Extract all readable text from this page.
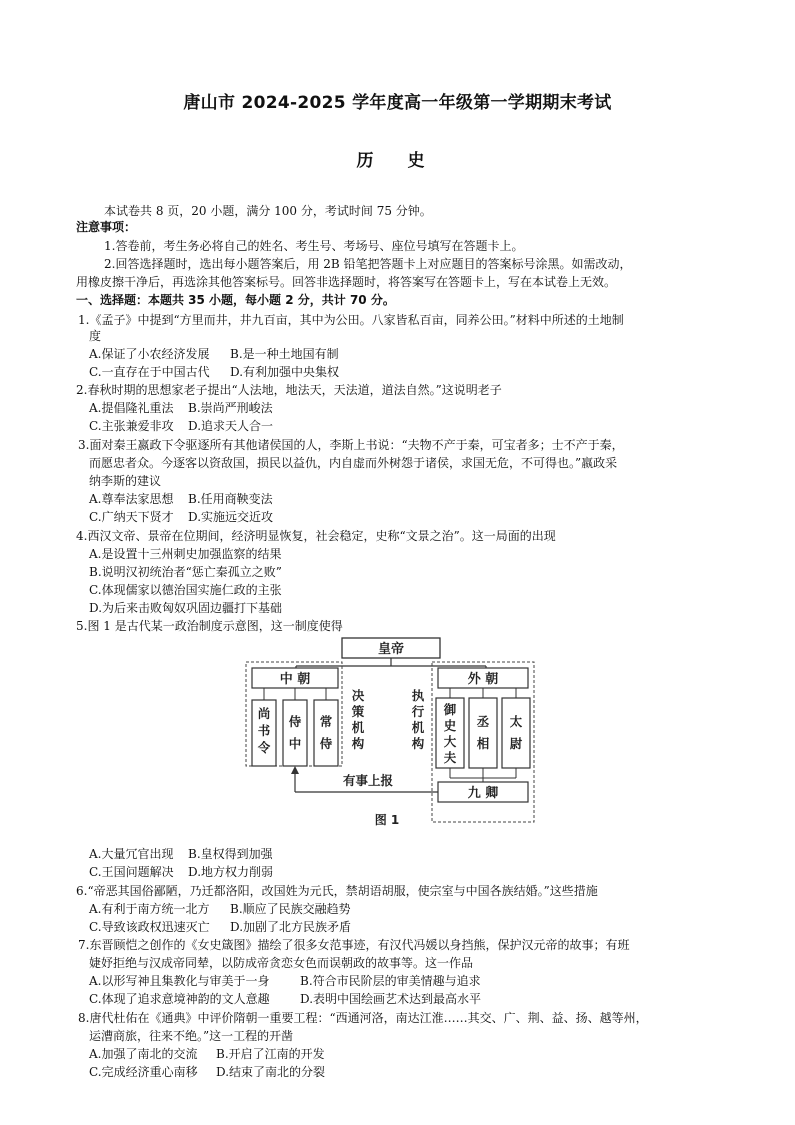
唐山市 2024-2025 学年度高一年级第一学期期末考试
历 史
本试卷共 8 页，20 小题，满分 100 分，考试时间 75 分钟。
注意事项：
1.答卷前，考生务必将自己的姓名、考生号、考场号、座位号填写在答题卡上。
2.回答选择题时，选出每小题答案后，用 2B 铅笔把答题卡上对应题目的答案标号涂黑。如需改动，
用橡皮擦干净后，再选涂其他答案标号。回答非选择题时，将答案写在答题卡上，写在本试卷上无效。
一、选择题：本题共 35 小题，每小题 2 分，共计 70 分。
1.《孟子》中提到“方里而井，井九百亩，其中为公田。八家皆私百亩，同养公田。”材料中所述的土地制
度
A.保证了小农经济发展 B.是一种土地国有制
C.一直存在于中国古代 D.有利加强中央集权
2.春秋时期的思想家老子提出“人法地，地法天，天法道，道法自然。”这说明老子
A.提倡隆礼重法 B.崇尚严刑峻法
C.主张兼爱非攻 D.追求天人合一
3.面对秦王嬴政下令驱逐所有其他诸侯国的人，李斯上书说：“夫物不产于秦，可宝者多；士不产于秦，
而愿忠者众。今逐客以资敌国，损民以益仇，内自虚而外树怨于诸侯，求国无危，不可得也。”嬴政采
纳李斯的建议
A.尊奉法家思想 B.任用商鞅变法
C.广纳天下贤才 D.实施远交近攻
4.西汉文帝、景帝在位期间，经济明显恢复，社会稳定，史称“文景之治”。这一局面的出现
A.是设置十三州刺史加强监察的结果
B.说明汉初统治者“惩亡秦孤立之败”
C.体现儒家以德治国实施仁政的主张
D.为后来击败匈奴巩固边疆打下基础
5.图 1 是古代某一政治制度示意图，这一制度使得
皇帝
中 朝
尚书令
侍中
常侍
决策机构
执行机构
外 朝
御史大夫
丞相
太尉
九 卿
有事上报
图 1
A.大量冗官出现 B.皇权得到加强
C.王国问题解决 D.地方权力削弱
6.“帝恶其国俗鄙陋，乃迁都洛阳，改国姓为元氏，禁胡语胡服，使宗室与中国各族结婚。”这些措施
A.有利于南方统一北方 B.顺应了民族交融趋势
C.导致该政权迅速灭亡 D.加剧了北方民族矛盾
7.东晋顾恺之创作的《女史箴图》描绘了很多女范事迹，有汉代冯媛以身挡熊，保护汉元帝的故事；有班
婕妤拒绝与汉成帝同辇，以防成帝贪恋女色而误朝政的故事等。这一作品
A.以形写神且集教化与审美于一身	B.符合市民阶层的审美情趣与追求
C.体现了追求意境神韵的文人意趣	D.表明中国绘画艺术达到最高水平
8.唐代杜佑在《通典》中评价隋朝一重要工程：“西通河洛，南达江淮……其交、广、荆、益、扬、越等州，
运漕商旅，往来不绝。”这一工程的开凿
A.加强了南北的交流 B.开启了江南的开发
C.完成经济重心南移 D.结束了南北的分裂
